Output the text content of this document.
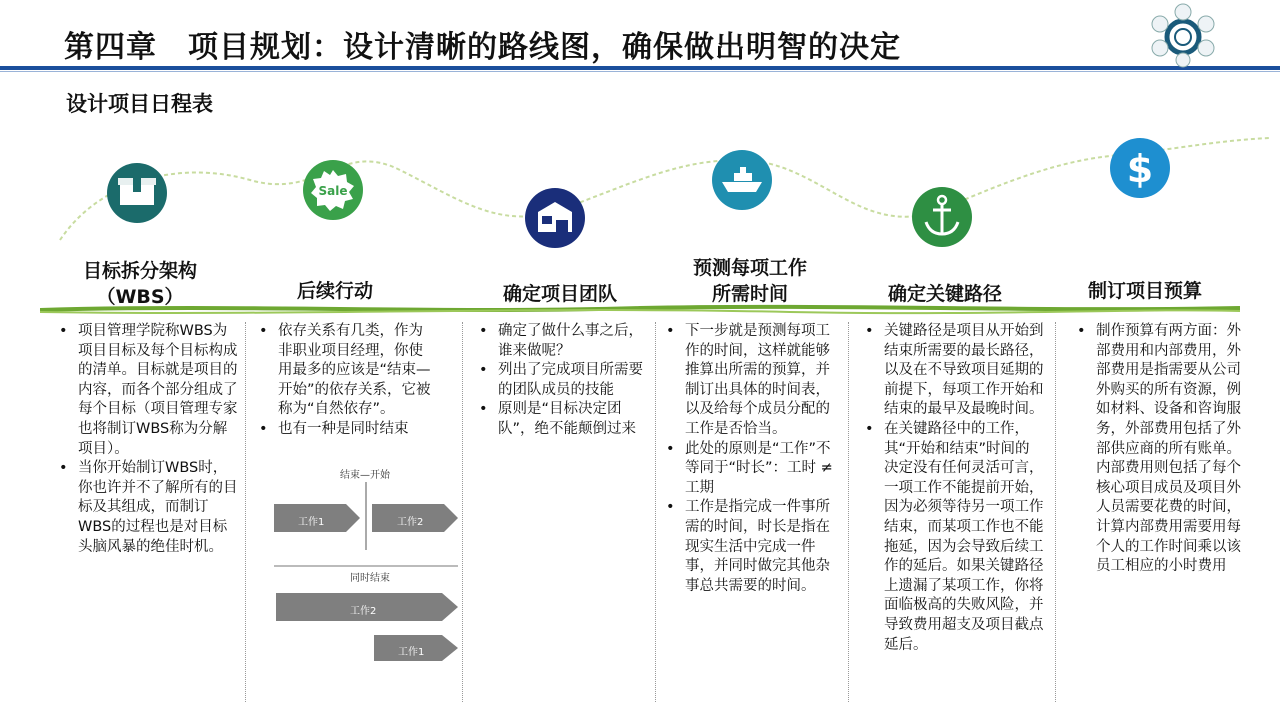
第四章　项目规划：设计清晰的路线图，确保做出明智的决定
设计项目日程表
Sale	$
目标拆分架构
（WBS）	后续行动	确定项目团队
预测每项工作
所需时间	确定关键路径	制订项目预算
• 项目管理学院称WBS为项目目标及每个目标构成的清单。目标就是项目的内容，而各个部分组成了每个目标（项目管理专家也将制订WBS称为分解项目）。
• 当你开始制订WBS时，你也许并不了解所有的目标及其组成，而制订WBS的过程也是对目标头脑风暴的绝佳时机。
• 依存关系有几类，作为非职业项目经理，你使用最多的应该是“结束—开始”的依存关系，它被称为“自然依存”。
• 也有一种是同时结束
• 确定了做什么事之后，谁来做呢？
• 列出了完成项目所需要的团队成员的技能
• 原则是“目标决定团队”，绝不能颠倒过来
• 下一步就是预测每项工作的时间，这样就能够推算出所需的预算，并制订出具体的时间表，以及给每个成员分配的工作是否恰当。
• 此处的原则是“工作”不等同于“时长”：工时 ≠ 工期
• 工作是指完成一件事所需的时间，时长是指在现实生活中完成一件事，并同时做完其他杂事总共需要的时间。
• 关键路径是项目从开始到结束所需要的最长路径，以及在不导致项目延期的前提下，每项工作开始和结束的最早及最晚时间。
• 在关键路径中的工作，其“开始和结束”时间的决定没有任何灵活可言，一项工作不能提前开始，因为必须等待另一项工作结束，而某项工作也不能拖延，因为会导致后续工作的延后。如果关键路径上遗漏了某项工作，你将面临极高的失败风险，并导致费用超支及项目截点延后。
• 制作预算有两方面：外部费用和内部费用，外部费用是指需要从公司外购买的所有资源，例如材料、设备和咨询服务，外部费用包括了外部供应商的所有账单。内部费用则包括了每个核心项目成员及项目外人员需要花费的时间，计算内部费用需要用每个人的工作时间乘以该员工相应的小时费用
结束—开始
工作1	工作2
同时结束
工作2
工作1
